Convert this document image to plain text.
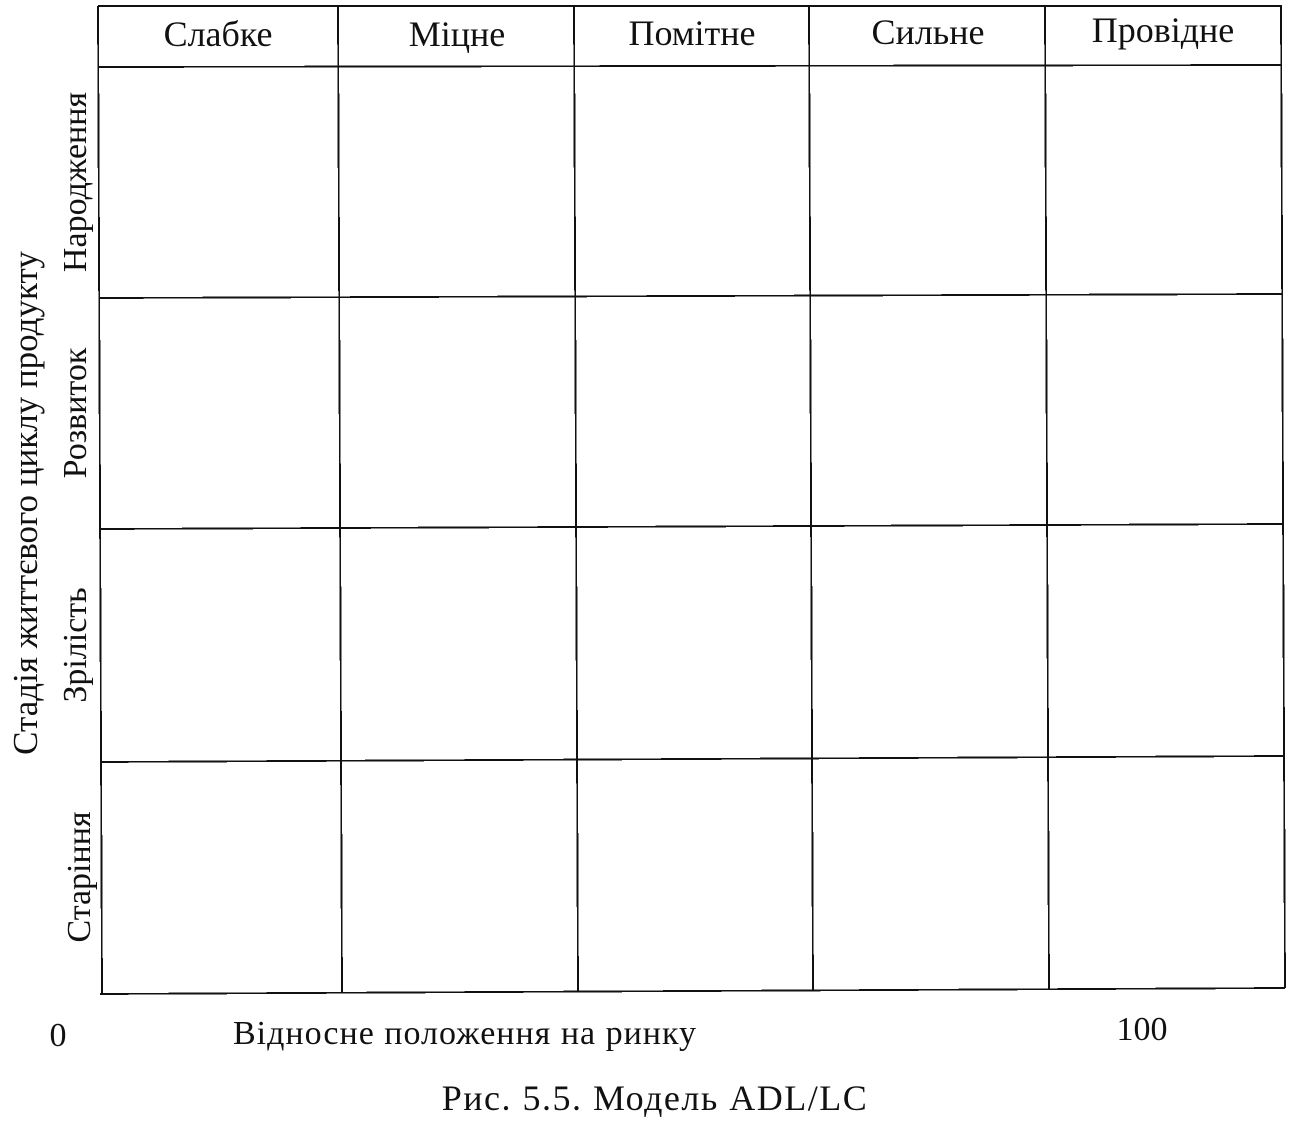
Слабке	Міцне	Помітне	Сильне	Провідне
Народження
Розвиток
Зрілість
Старіння
Стадія життєвого циклу продукту
0	Відносне положення на ринку	100
Рис. 5.5. Модель ADL/LC
